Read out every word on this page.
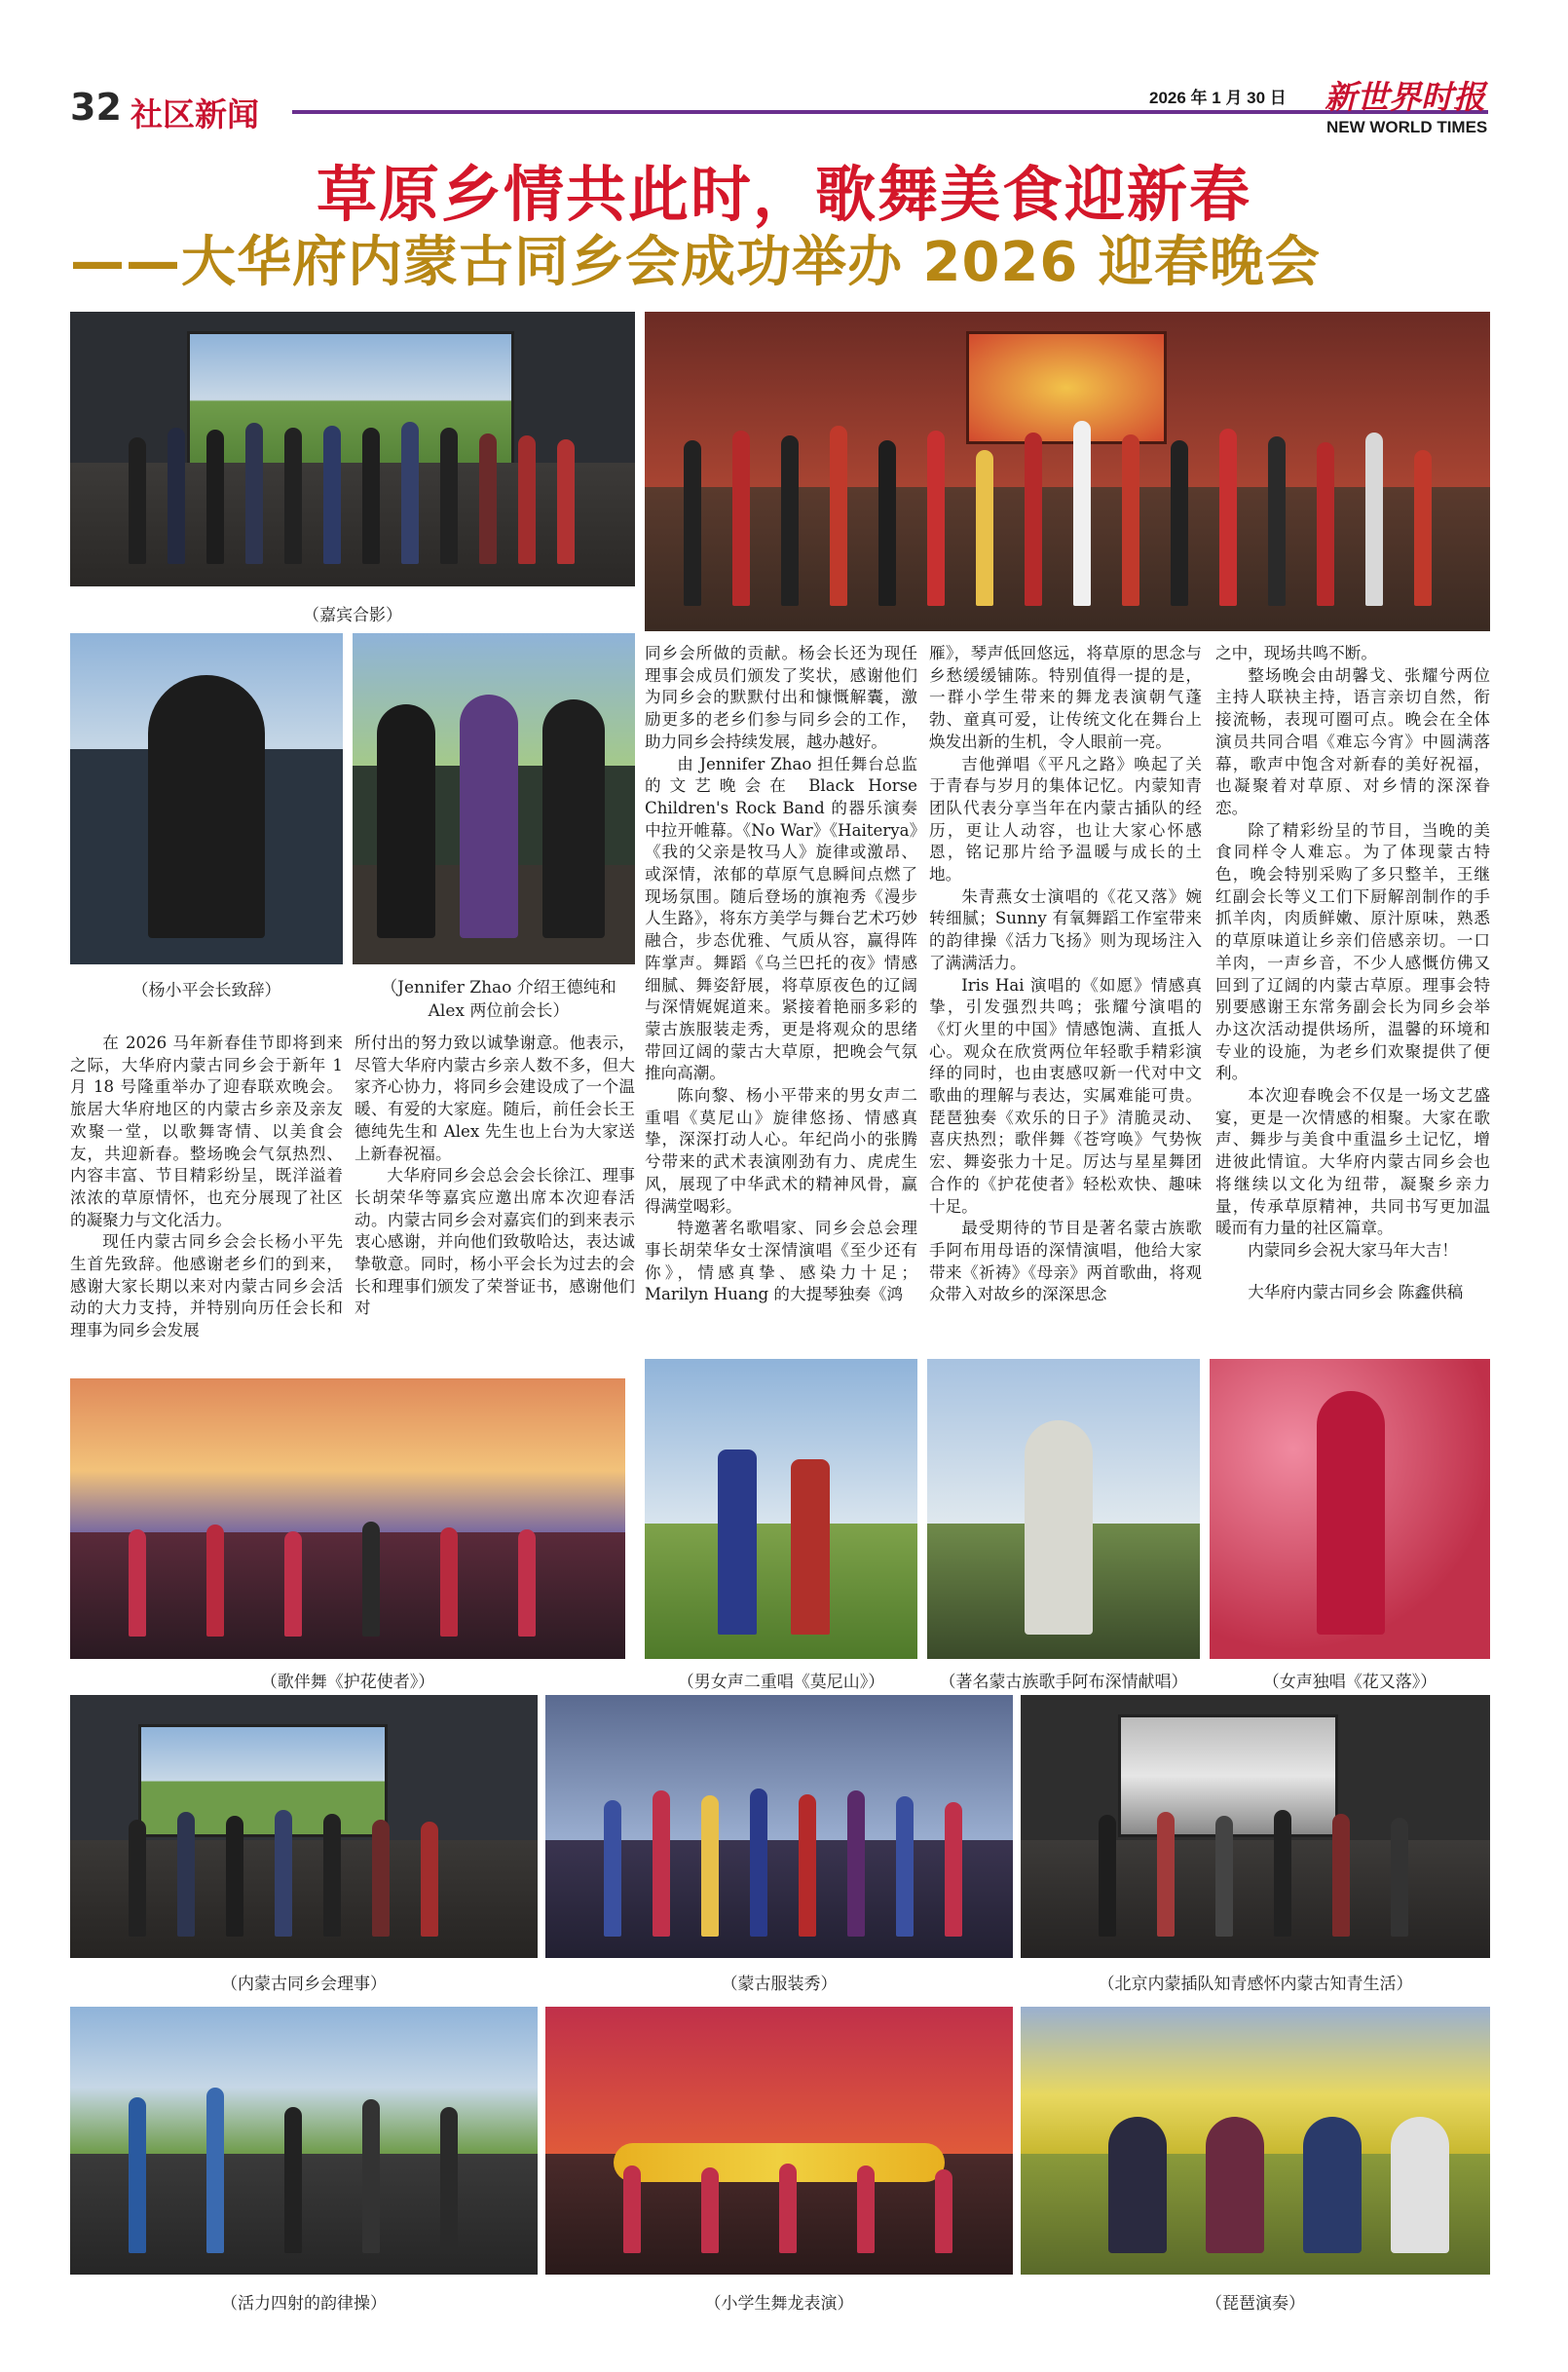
32 社区新闻	2026 年 1 月 30 日 新世界时报
NEW WORLD TIMES
草原乡情共此时，歌舞美食迎新春
——大华府内蒙古同乡会成功举办 2026 迎春晚会
（嘉宾合影）
（杨小平会长致辞）	（Jennifer Zhao 介绍王德纯和 Alex 两位前会长）

在 2026 马年新春佳节即将到来之际，大华府内蒙古同乡会于新年 1 月 18 号隆重举办了迎春联欢晚会。旅居大华府地区的内蒙古乡亲及亲友欢聚一堂，以歌舞寄情、以美食会友，共迎新春。整场晚会气氛热烈、内容丰富、节目精彩纷呈，既洋溢着浓浓的草原情怀，也充分展现了社区的凝聚力与文化活力。

现任内蒙古同乡会会长杨小平先生首先致辞。他感谢老乡们的到来，感谢大家长期以来对内蒙古同乡会活动的大力支持，并特别向历任会长和理事为同乡会发展

所付出的努力致以诚挚谢意。他表示，尽管大华府内蒙古乡亲人数不多，但大家齐心协力，将同乡会建设成了一个温暖、有爱的大家庭。随后，前任会长王德纯先生和 Alex 先生也上台为大家送上新春祝福。

大华府同乡会总会会长徐江、理事长胡荣华等嘉宾应邀出席本次迎春活动。内蒙古同乡会对嘉宾们的到来表示衷心感谢，并向他们致敬哈达，表达诚挚敬意。同时，杨小平会长为过去的会长和理事们颁发了荣誉证书，感谢他们对

同乡会所做的贡献。杨会长还为现任理事会成员们颁发了奖状，感谢他们为同乡会的默默付出和慷慨解囊，激励更多的老乡们参与同乡会的工作，助力同乡会持续发展，越办越好。

由 Jennifer Zhao 担任舞台总监的文艺晚会在 Black Horse Children's Rock Band 的器乐演奏中拉开帷幕。《No War》《Haiterya》《我的父亲是牧马人》旋律或激昂、或深情，浓郁的草原气息瞬间点燃了现场氛围。随后登场的旗袍秀《漫步人生路》，将东方美学与舞台艺术巧妙融合，步态优雅、气质从容，赢得阵阵掌声。舞蹈《乌兰巴托的夜》情感细腻、舞姿舒展，将草原夜色的辽阔与深情娓娓道来。紧接着艳丽多彩的蒙古族服装走秀，更是将观众的思绪带回辽阔的蒙古大草原，把晚会气氛推向高潮。

陈向黎、杨小平带来的男女声二重唱《莫尼山》旋律悠扬、情感真挚，深深打动人心。年纪尚小的张腾兮带来的武术表演刚劲有力、虎虎生风，展现了中华武术的精神风骨，赢得满堂喝彩。

特邀著名歌唱家、同乡会总会理事长胡荣华女士深情演唱《至少还有你》，情感真挚、感染力十足；Marilyn Huang 的大提琴独奏《鸿

雁》，琴声低回悠远，将草原的思念与乡愁缓缓铺陈。特别值得一提的是，一群小学生带来的舞龙表演朝气蓬勃、童真可爱，让传统文化在舞台上焕发出新的生机，令人眼前一亮。

吉他弹唱《平凡之路》唤起了关于青春与岁月的集体记忆。内蒙知青团队代表分享当年在内蒙古插队的经历，更让人动容，也让大家心怀感恩，铭记那片给予温暖与成长的土地。

朱青燕女士演唱的《花又落》婉转细腻；Sunny 有氧舞蹈工作室带来的韵律操《活力飞扬》则为现场注入了满满活力。

Iris Hai 演唱的《如愿》情感真挚，引发强烈共鸣；张耀兮演唱的《灯火里的中国》情感饱满、直抵人心。观众在欣赏两位年轻歌手精彩演绎的同时，也由衷感叹新一代对中文歌曲的理解与表达，实属难能可贵。琵琶独奏《欢乐的日子》清脆灵动、喜庆热烈；歌伴舞《苍穹唤》气势恢宏、舞姿张力十足。厉达与星星舞团合作的《护花使者》轻松欢快、趣味十足。

最受期待的节目是著名蒙古族歌手阿布用母语的深情演唱，他给大家带来《祈祷》《母亲》两首歌曲，将观众带入对故乡的深深思念

之中，现场共鸣不断。

整场晚会由胡馨戈、张耀兮两位主持人联袂主持，语言亲切自然，衔接流畅，表现可圈可点。晚会在全体演员共同合唱《难忘今宵》中圆满落幕，歌声中饱含对新春的美好祝福，也凝聚着对草原、对乡情的深深眷恋。

除了精彩纷呈的节目，当晚的美食同样令人难忘。为了体现蒙古特色，晚会特别采购了多只整羊，王继红副会长等义工们下厨解剖制作的手抓羊肉，肉质鲜嫩、原汁原味，熟悉的草原味道让乡亲们倍感亲切。一口羊肉，一声乡音，不少人感慨仿佛又回到了辽阔的内蒙古草原。理事会特别要感谢王东常务副会长为同乡会举办这次活动提供场所，温馨的环境和专业的设施，为老乡们欢聚提供了便利。

本次迎春晚会不仅是一场文艺盛宴，更是一次情感的相聚。大家在歌声、舞步与美食中重温乡土记忆，增进彼此情谊。大华府内蒙古同乡会也将继续以文化为纽带，凝聚乡亲力量，传承草原精神，共同书写更加温暖而有力量的社区篇章。

内蒙同乡会祝大家马年大吉！

大华府内蒙古同乡会 陈鑫供稿

（歌伴舞《护花使者》）	（男女声二重唱《莫尼山》）	（著名蒙古族歌手阿布深情献唱）	（女声独唱《花又落》）
（内蒙古同乡会理事）	（蒙古服装秀）	（北京内蒙插队知青感怀内蒙古知青生活）
（活力四射的韵律操）	（小学生舞龙表演）	（琵琶演奏）
